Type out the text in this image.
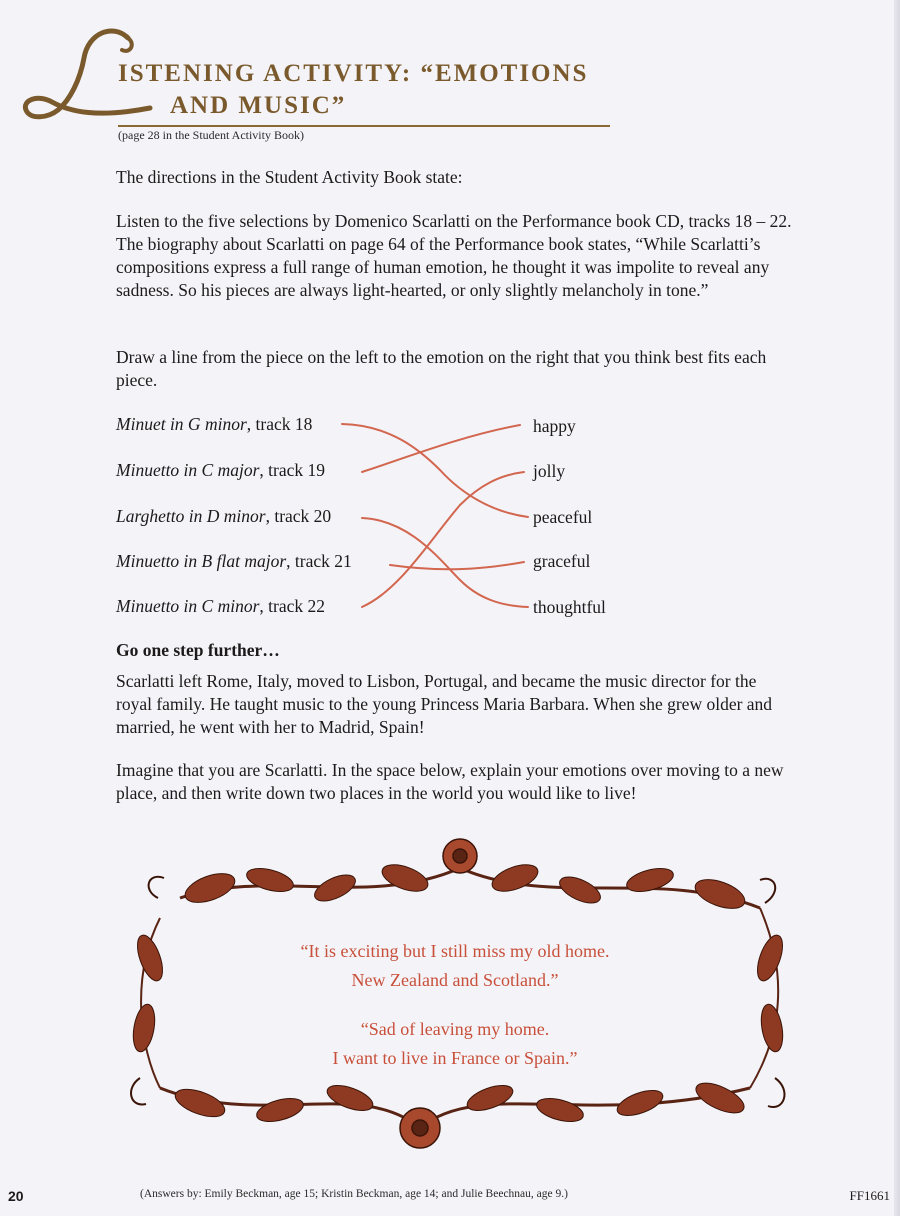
ISTENING ACTIVITY: “EMOTIONS
AND MUSIC”
(page 28 in the Student Activity Book)
The directions in the Student Activity Book state:
Listen to the five selections by Domenico Scarlatti on the Performance book CD, tracks 18 – 22. The biography about Scarlatti on page 64 of the Performance book states, “While Scarlatti’s compositions express a full range of human emotion, he thought it was impolite to reveal any sadness. So his pieces are always light-hearted, or only slightly melancholy in tone.”
Draw a line from the piece on the left to the emotion on the right that you think best fits each piece.
Minuet in G minor, track 18
Minuetto in C major, track 19
Larghetto in D minor, track 20
Minuetto in B flat major, track 21
Minuetto in C minor, track 22
happy
jolly
peaceful
graceful
thoughtful
Go one step further…
Scarlatti left Rome, Italy, moved to Lisbon, Portugal, and became the music director for the royal family. He taught music to the young Princess Maria Barbara. When she grew older and married, he went with her to Madrid, Spain!
Imagine that you are Scarlatti. In the space below, explain your emotions over moving to a new place, and then write down two places in the world you would like to live!
“It is exciting but I still miss my old home.
New Zealand and Scotland.”
“Sad of leaving my home.
I want to live in France or Spain.”
20	(Answers by: Emily Beckman, age 15; Kristin Beckman, age 14; and Julie Beechnau, age 9.)	FF1661
